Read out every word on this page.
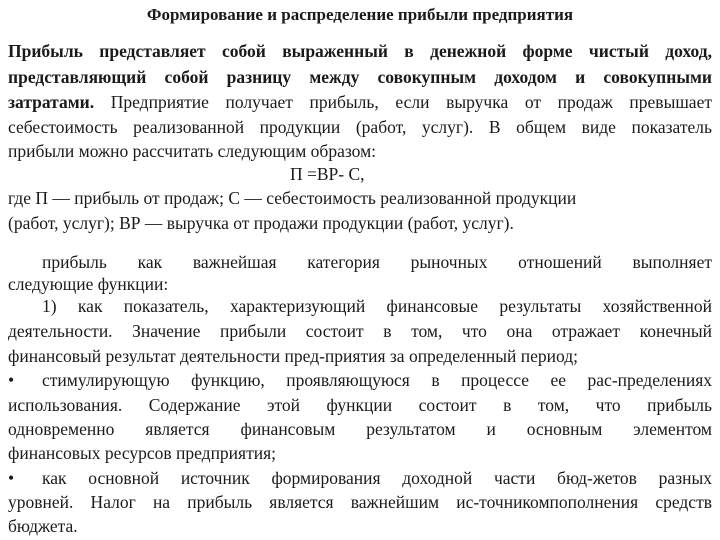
Формирование и распределение прибыли предприятия
Прибыль представляет собой выраженный в денежной форме чистый доход,
представляющий собой разницу между совокупным доходом и совокупными
затратами. Предприятие получает прибыль, если выручка от продаж превышает
себестоимость реализованной продукции (работ, услуг). В общем виде показатель
прибыли можно рассчитать следующим образом:
П =ВР- С,
где П — прибыль от продаж; С — себестоимость реализованной продукции
(работ, услуг); ВР — выручка от продажи продукции (работ, услуг).
прибыль как важнейшая категория рыночных отношений выполняет
следующие функции:
1) как показатель, характеризующий финансовые результаты хозяйственной
деятельности. Значение прибыли состоит в том, что она отражает конечный
финансовый результат деятельности пред-приятия за определенный период;
•	стимулирующую функцию, проявляющуюся в процессе ее рас-пределениях
использования. Содержание этой функции состоит в том, что прибыль
одновременно является финансовым результатом и основным элементом
финансовых ресурсов предприятия;
•	как основной источник формирования доходной части бюд-жетов разных
уровней. Налог на прибыль является важнейшим ис-точникомпополнения средств
бюджета.
